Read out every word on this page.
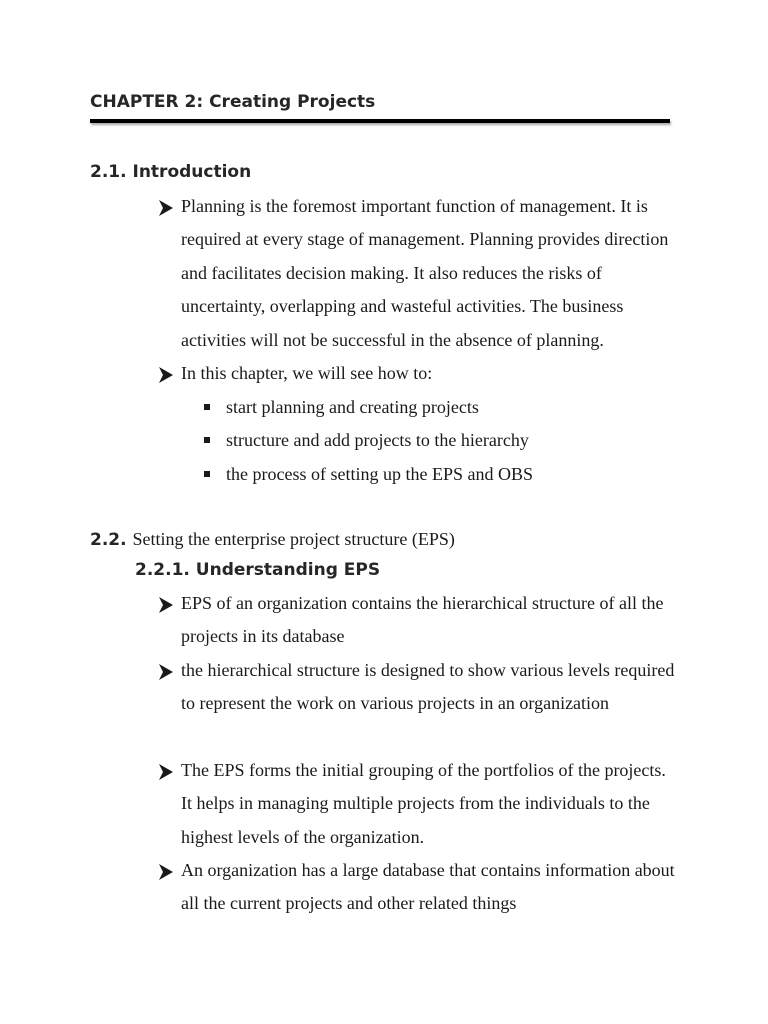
CHAPTER 2: Creating Projects
2.1. Introduction

Planning is the foremost important function of management. It is required at every stage of management. Planning provides direction and facilitates decision making. It also reduces the risks of uncertainty, overlapping and wasteful activities. The business activities will not be successful in the absence of planning.

In this chapter, we will see how to:

start planning and creating projects

structure and add projects to the hierarchy

the process of setting up the EPS and OBS

2.2. Setting the enterprise project structure (EPS)
2.2.1. Understanding EPS

EPS of an organization contains the hierarchical structure of all the projects in its database

the hierarchical structure is designed to show various levels required to represent the work on various projects in an organization

The EPS forms the initial grouping of the portfolios of the projects. It helps in managing multiple projects from the individuals to the highest levels of the organization.

An organization has a large database that contains information about all the current projects and other related things
